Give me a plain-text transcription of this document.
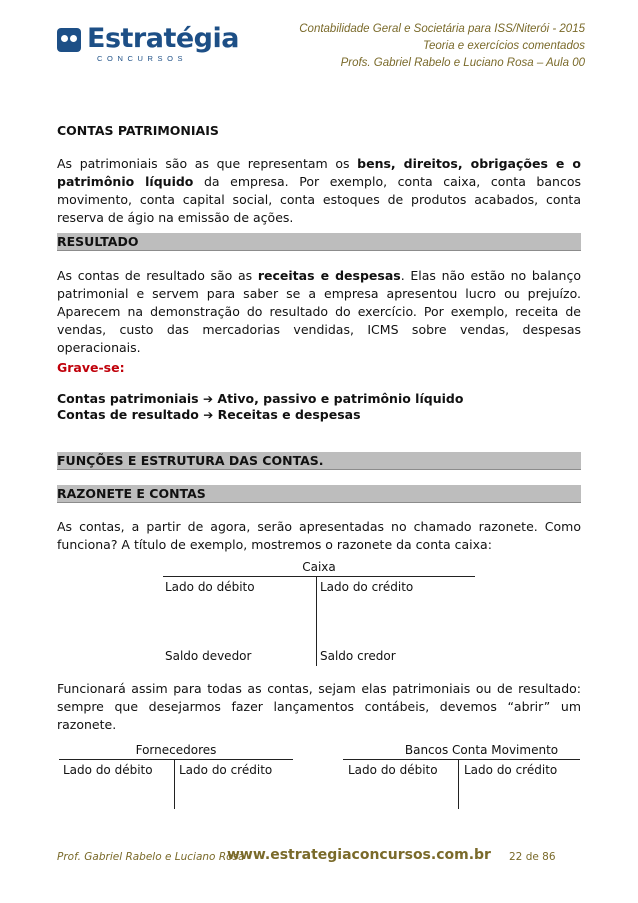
Estratégia
CONCURSOS
Contabilidade Geral e Societária para ISS/Niterói - 2015
Teoria e exercícios comentados
Profs. Gabriel Rabelo e Luciano Rosa – Aula 00
CONTAS PATRIMONIAIS
As patrimoniais são as que representam os bens, direitos, obrigações e o patrimônio líquido da empresa. Por exemplo, conta caixa, conta bancos movimento, conta capital social, conta estoques de produtos acabados, conta reserva de ágio na emissão de ações.
RESULTADO
As contas de resultado são as receitas e despesas. Elas não estão no balanço patrimonial e servem para saber se a empresa apresentou lucro ou prejuízo. Aparecem na demonstração do resultado do exercício. Por exemplo, receita de vendas, custo das mercadorias vendidas, ICMS sobre vendas, despesas operacionais.
Grave-se:
Contas patrimoniais ➔ Ativo, passivo e patrimônio líquido
Contas de resultado ➔ Receitas e despesas
FUNÇÕES E ESTRUTURA DAS CONTAS.
RAZONETE E CONTAS
As contas, a partir de agora, serão apresentadas no chamado razonete. Como funciona? A título de exemplo, mostremos o razonete da conta caixa:
Caixa
Lado do débito	Lado do crédito
Saldo devedor	Saldo credor
Funcionará assim para todas as contas, sejam elas patrimoniais ou de resultado: sempre que desejarmos fazer lançamentos contábeis, devemos “abrir” um razonete.
Fornecedores
Lado do débito Lado do crédito
Bancos Conta Movimento
Lado do débito Lado do crédito
Prof. Gabriel Rabelo e Luciano Rosa
www.estrategiaconcursos.com.br 22 de 86
